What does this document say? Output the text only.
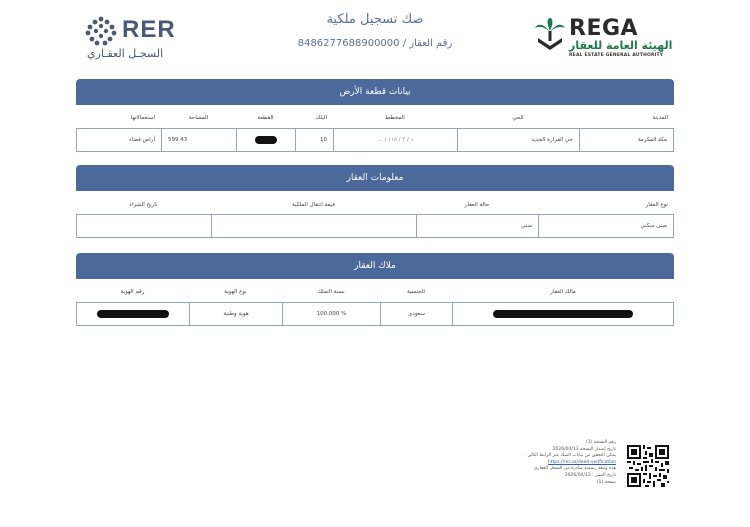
RER
السجـل العقـاري
صك تسجيل ملكية
رقم العقار / 8486277688900000
REGA
الهيئة العامة للعقار
REAL ESTATE GENERAL AUTHORITY
بيانات قطعة الأرض
المدينة
الحي
المخطط
البلك
القطعة
المساحة
استعمالاتها
مكة المكرمة
حي القرارة الجديد
١ / ٢ / ١١٥ / ...
10
599.43
أراض فضاء
معلومات العقار
نوع العقار
حالة العقار
قيمة انتقال الملكية
تاريخ الشراء
مبنى سكني
مبني
ملاك العقار
مالك العقار
الجنسية
نسبة التملك
نوع الهوية
رقم الهوية
سعودي
% 100.000
هوية وطنية
رقم النسخة (1)
تاريخ إصدار النسخة 2026/04/13
يمكن التحقق من بيانات الصك عبر الرابط التالي
https://rer.sa/deed-verification
هذه وثيقة رسمية صادرة من السجل العقاري
تاريخ النشر : 2026/04/13
صفحة (1)
